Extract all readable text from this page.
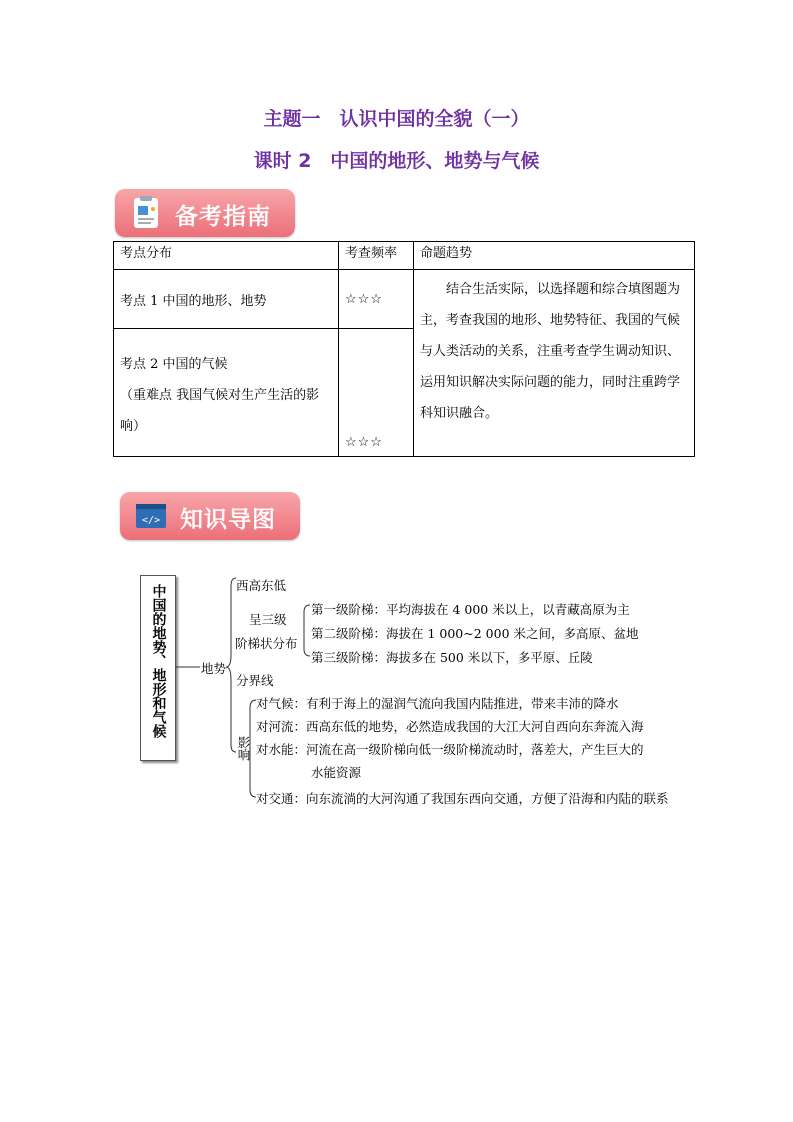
主题一　认识中国的全貌（一）
课时 2　中国的地形、地势与气候
备考指南
考点分布	考查频率	命题趋势
考点 1 中国的地形、地势	☆☆☆	结合生活实际，以选择题和综合填图题为主，考查我国的地形、地势特征、我国的气候与人类活动的关系，注重考查学生调动知识、运用知识解决实际问题的能力，同时注重跨学科知识融合。

考点 2 中国的气候
（重难点 我国气候对生产生活的影响）	☆☆☆	
</> 知识导图
中国的地势、地形和气候	地势
西高东低
呈三级
阶梯状分布
第一级阶梯：平均海拔在 4 000 米以上，以青藏高原为主
第二级阶梯：海拔在 1 000~2 000 米之间，多高原、盆地
第三级阶梯：海拔多在 500 米以下，多平原、丘陵
分界线
影响
对气候：有利于海上的湿润气流向我国内陆推进，带来丰沛的降水
对河流：西高东低的地势，必然造成我国的大江大河自西向东奔流入海
对水能：河流在高一级阶梯向低一级阶梯流动时，落差大，产生巨大的
水能资源
对交通：向东流淌的大河沟通了我国东西向交通，方便了沿海和内陆的联系
